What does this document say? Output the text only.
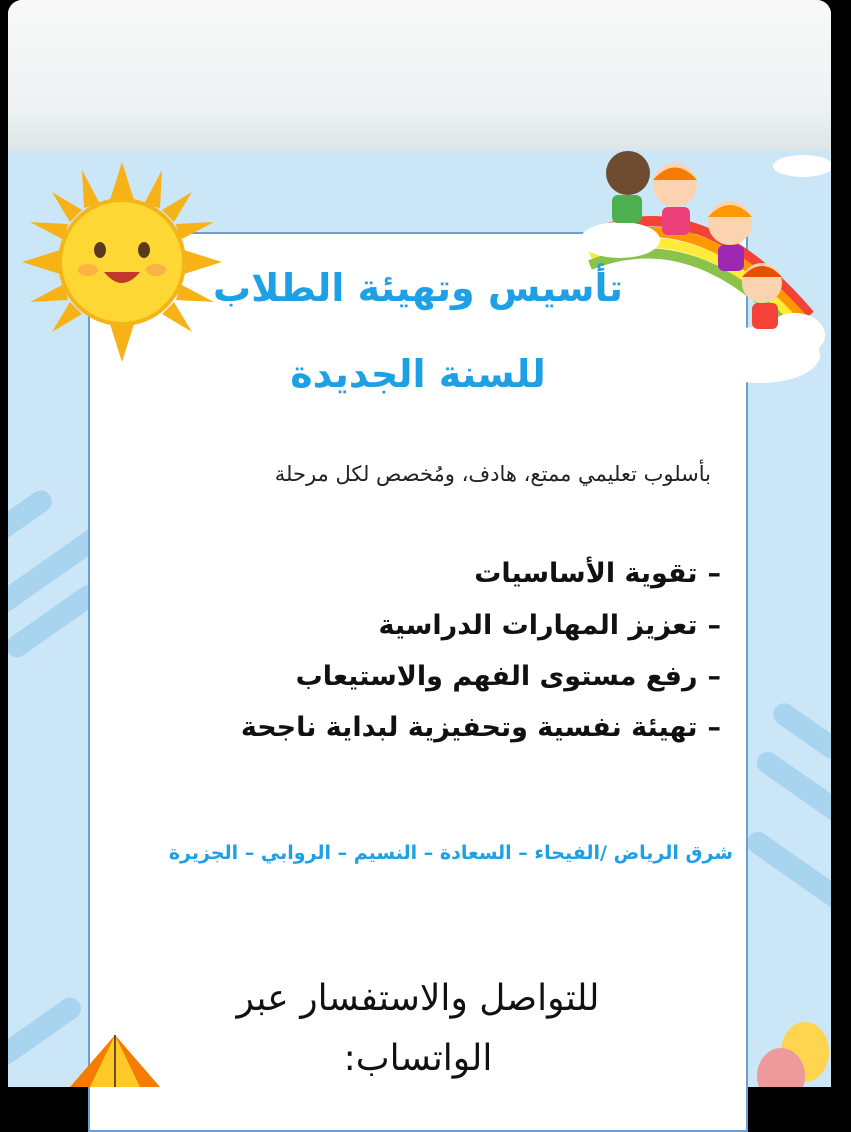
تأسيس وتهيئة الطلاب
للسنة الجديدة
بأسلوب تعليمي ممتع، هادف، ومُخصص لكل مرحلة
–تقوية الأساسيات
–تعزيز المهارات الدراسية
–رفع مستوى الفهم والاستيعاب
–تهيئة نفسية وتحفيزية لبداية ناجحة
شرق الرياض /الفيحاء – السعادة – النسيم – الروابي – الجزيرة
للتواصل والاستفسار عبر
الواتساب:
